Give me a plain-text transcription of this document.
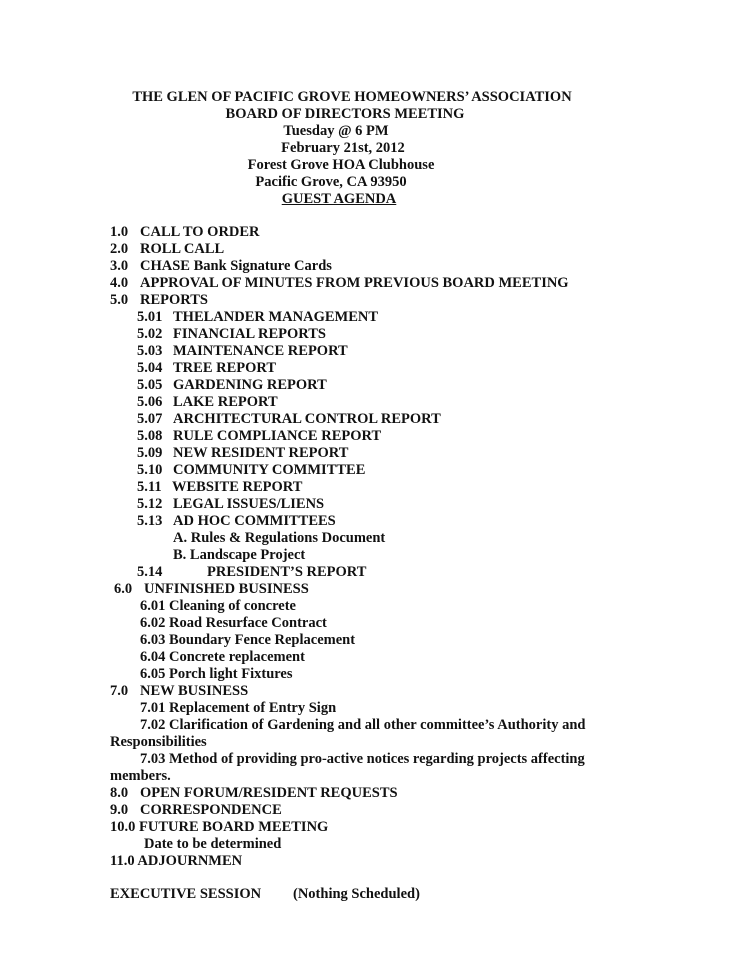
THE GLEN OF PACIFIC GROVE HOMEOWNERS’ ASSOCIATION
BOARD OF DIRECTORS MEETING
Tuesday @ 6 PM
February 21st, 2012
Forest Grove HOA Clubhouse
Pacific Grove, CA 93950
GUEST AGENDA
1.0 CALL TO ORDER
2.0 ROLL CALL
3.0 CHASE Bank Signature Cards
4.0 APPROVAL OF MINUTES FROM PREVIOUS BOARD MEETING
5.0 REPORTS
5.01 THELANDER MANAGEMENT
5.02 FINANCIAL REPORTS
5.03 MAINTENANCE REPORT
5.04 TREE REPORT
5.05 GARDENING REPORT
5.06 LAKE REPORT
5.07 ARCHITECTURAL CONTROL REPORT
5.08 RULE COMPLIANCE REPORT
5.09 NEW RESIDENT REPORT
5.10 COMMUNITY COMMITTEE
5.11 WEBSITE REPORT
5.12 LEGAL ISSUES/LIENS
5.13 AD HOC COMMITTEES
A. Rules & Regulations Document
B. Landscape Project
5.14	PRESIDENT’S REPORT
6.0 UNFINISHED BUSINESS
6.01 Cleaning of concrete
6.02 Road Resurface Contract
6.03 Boundary Fence Replacement
6.04 Concrete replacement
6.05 Porch light Fixtures
7.0 NEW BUSINESS
7.01 Replacement of Entry Sign
7.02 Clarification of Gardening and all other committee’s Authority and
Responsibilities
7.03 Method of providing pro-active notices regarding projects affecting
members.
8.0 OPEN FORUM/RESIDENT REQUESTS
9.0 CORRESPONDENCE
10.0 FUTURE BOARD MEETING
Date to be determined
11.0 ADJOURNMEN
EXECUTIVE SESSION (Nothing Scheduled)
